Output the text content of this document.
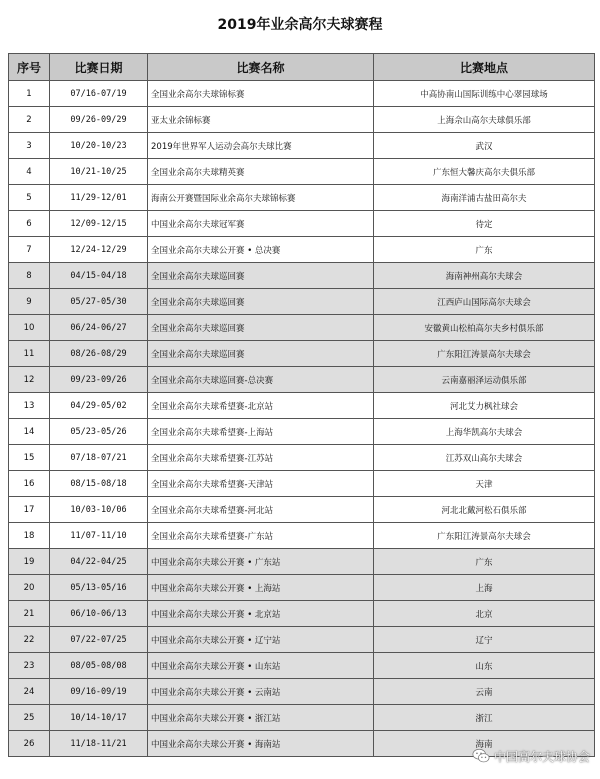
2019年业余高尔夫球赛程
序号	比赛日期	比赛名称	比赛地点
1	07/16-07/19	全国业余高尔夫球锦标赛	中高协南山国际训练中心翠园球场
2	09/26-09/29	亚太业余锦标赛	上海佘山高尔夫球俱乐部
3	10/20-10/23	2019年世界军人运动会高尔夫球比赛	武汉
4	10/21-10/25	全国业余高尔夫球精英赛	广东恒大馨庆高尔夫俱乐部
5	11/29-12/01	海南公开赛暨国际业余高尔夫球锦标赛	海南洋浦古盐田高尔夫
6	12/09-12/15	中国业余高尔夫球冠军赛	待定
7	12/24-12/29	全国业余高尔夫球公开赛 • 总决赛	广东
8	04/15-04/18	全国业余高尔夫球巡回赛	海南神州高尔夫球会
9	05/27-05/30	全国业余高尔夫球巡回赛	江西庐山国际高尔夫球会
10	06/24-06/27	全国业余高尔夫球巡回赛	安徽黄山松柏高尔夫乡村俱乐部
11	08/26-08/29	全国业余高尔夫球巡回赛	广东阳江涛景高尔夫球会
12	09/23-09/26	全国业余高尔夫球巡回赛-总决赛	云南嘉丽泽运动俱乐部
13	04/29-05/02	全国业余高尔夫球希望赛-北京站	河北艾力枫社球会
14	05/23-05/26	全国业余高尔夫球希望赛-上海站	上海华凯高尔夫球会
15	07/18-07/21	全国业余高尔夫球希望赛-江苏站	江苏双山高尔夫球会
16	08/15-08/18	全国业余高尔夫球希望赛-天津站	天津
17	10/03-10/06	全国业余高尔夫球希望赛-河北站	河北北戴河松石俱乐部
18	11/07-11/10	全国业余高尔夫球希望赛-广东站	广东阳江涛景高尔夫球会
19	04/22-04/25	中国业余高尔夫球公开赛 • 广东站	广东
20	05/13-05/16	中国业余高尔夫球公开赛 • 上海站	上海
21	06/10-06/13	中国业余高尔夫球公开赛 • 北京站	北京
22	07/22-07/25	中国业余高尔夫球公开赛 • 辽宁站	辽宁
23	08/05-08/08	中国业余高尔夫球公开赛 • 山东站	山东
24	09/16-09/19	中国业余高尔夫球公开赛 • 云南站	云南
25	10/14-10/17	中国业余高尔夫球公开赛 • 浙江站	浙江
26	11/18-11/21	中国业余高尔夫球公开赛 • 海南站	海南
中国高尔夫球协会
